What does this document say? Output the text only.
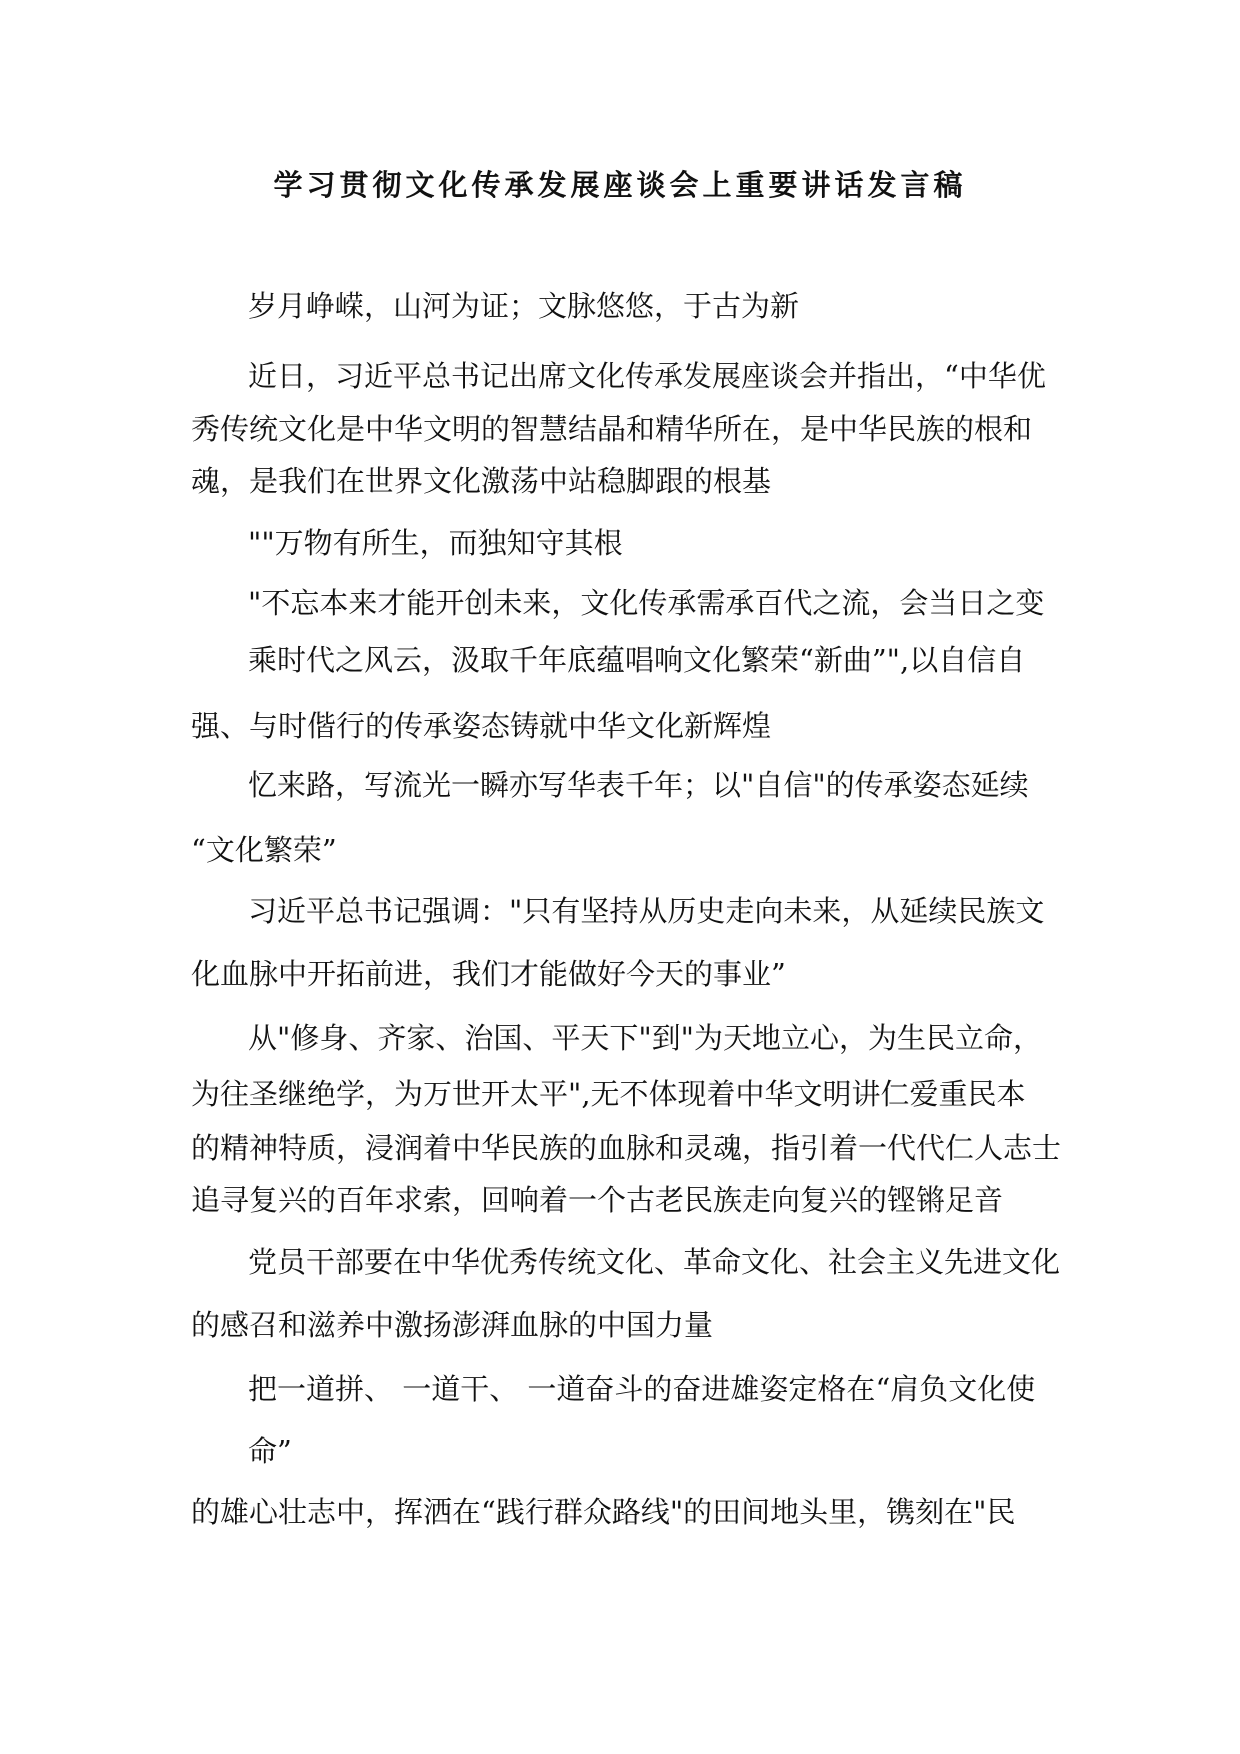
学习贯彻文化传承发展座谈会上重要讲话发言稿
岁月峥嵘，山河为证；文脉悠悠，于古为新
近日，习近平总书记出席文化传承发展座谈会并指出，“中华优
秀传统文化是中华文明的智慧结晶和精华所在，是中华民族的根和
魂，是我们在世界文化激荡中站稳脚跟的根基
""万物有所生，而独知守其根
"不忘本来才能开创未来，文化传承需承百代之流，会当日之变
乘时代之风云，汲取千年底蕴唱响文化繁荣“新曲”",以自信自
强、与时偕行的传承姿态铸就中华文化新辉煌
忆来路，写流光一瞬亦写华表千年；以"自信"的传承姿态延续
“文化繁荣”
习近平总书记强调："只有坚持从历史走向未来，从延续民族文
化血脉中开拓前进，我们才能做好今天的事业”
从"修身、齐家、治国、平天下"到"为天地立心，为生民立命，
为往圣继绝学，为万世开太平",无不体现着中华文明讲仁爱重民本
的精神特质，浸润着中华民族的血脉和灵魂，指引着一代代仁人志士
追寻复兴的百年求索，回响着一个古老民族走向复兴的铿锵足音
党员干部要在中华优秀传统文化、革命文化、社会主义先进文化
的感召和滋养中激扬澎湃血脉的中国力量
把一道拼、 一道干、 一道奋斗的奋进雄姿定格在“肩负文化使
命”
的雄心壮志中，挥洒在“践行群众路线"的田间地头里，镌刻在"民
